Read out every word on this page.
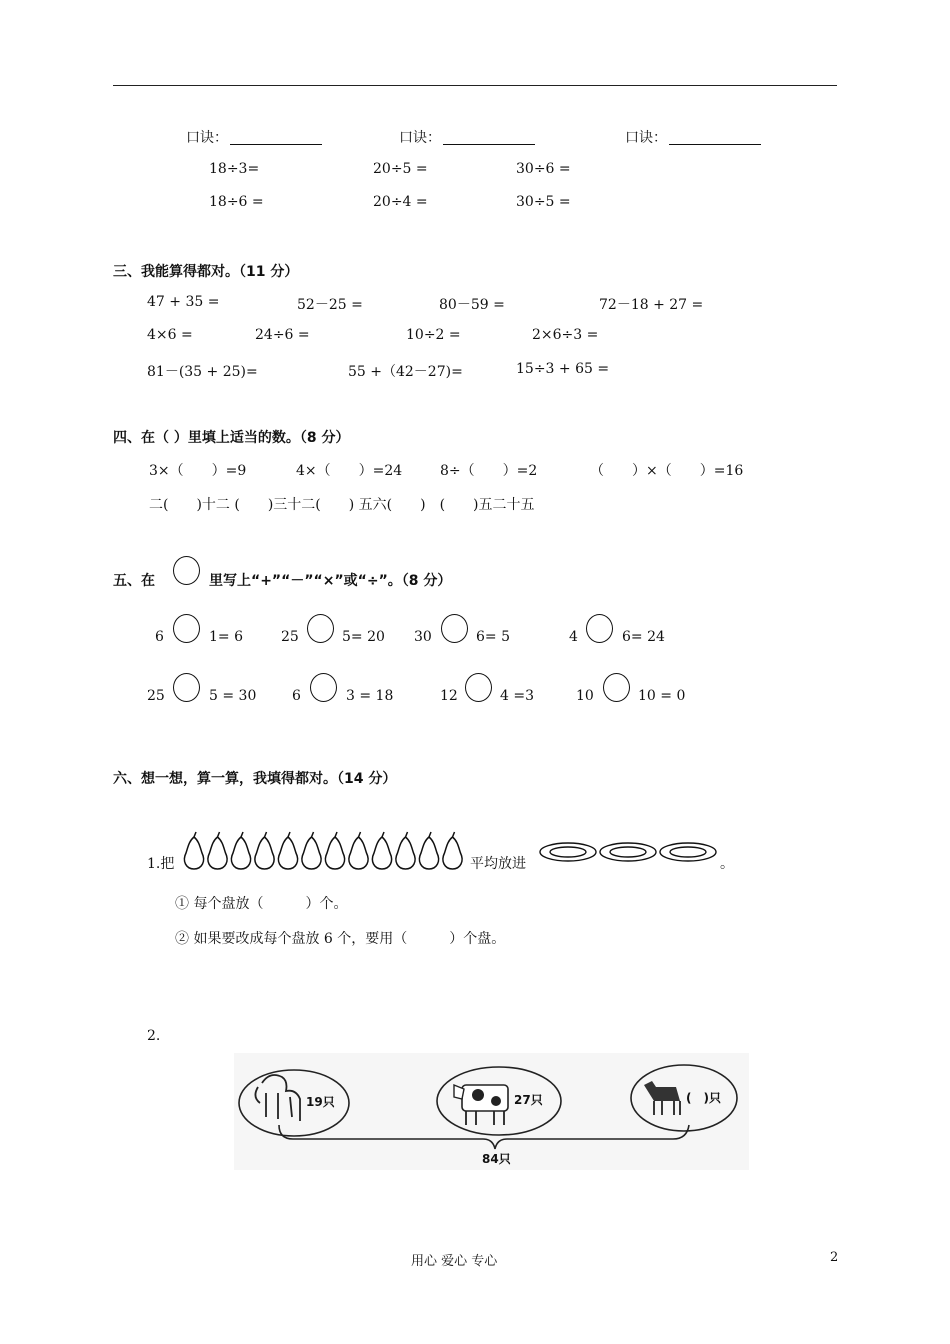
口诀：	口诀：	口诀：
18÷3=	20÷5 =	30÷6 =
18÷6 =	20÷4 =	30÷5 =
三、我能算得都对。（11 分）
47 + 35 =	52－25 =	80－59 =	72－18 + 27 =
4×6 =	24÷6 =	10÷2 =	2×6÷3 =
81－(35 + 25)=	55 +（42－27)=	15÷3 + 65 =
四、在（ ）里填上适当的数。（8 分）
3×（　　）=9	4×（　　）=24	8÷（　　）=2	（　　）×（　　）=16
二(　　)十二 (　　)三十二(　　) 五六(　　)　(　　)五二十五
五、在	里写上“+”“－”“×”或“÷”。（8 分）
6	1= 6	25	5= 20 30	6= 5	4	6= 24
25	5 = 30	6	3 = 18	12	4 =3	10	10 = 0
六、想一想，算一算，我填得都对。（14 分）
1.把	平均放进	。
① 每个盘放（　　　）个。
② 如果要改成每个盘放 6 个，要用（　　　）个盘。
2.
19只	27只	(　)只
84只
用心 爱心 专心	2
